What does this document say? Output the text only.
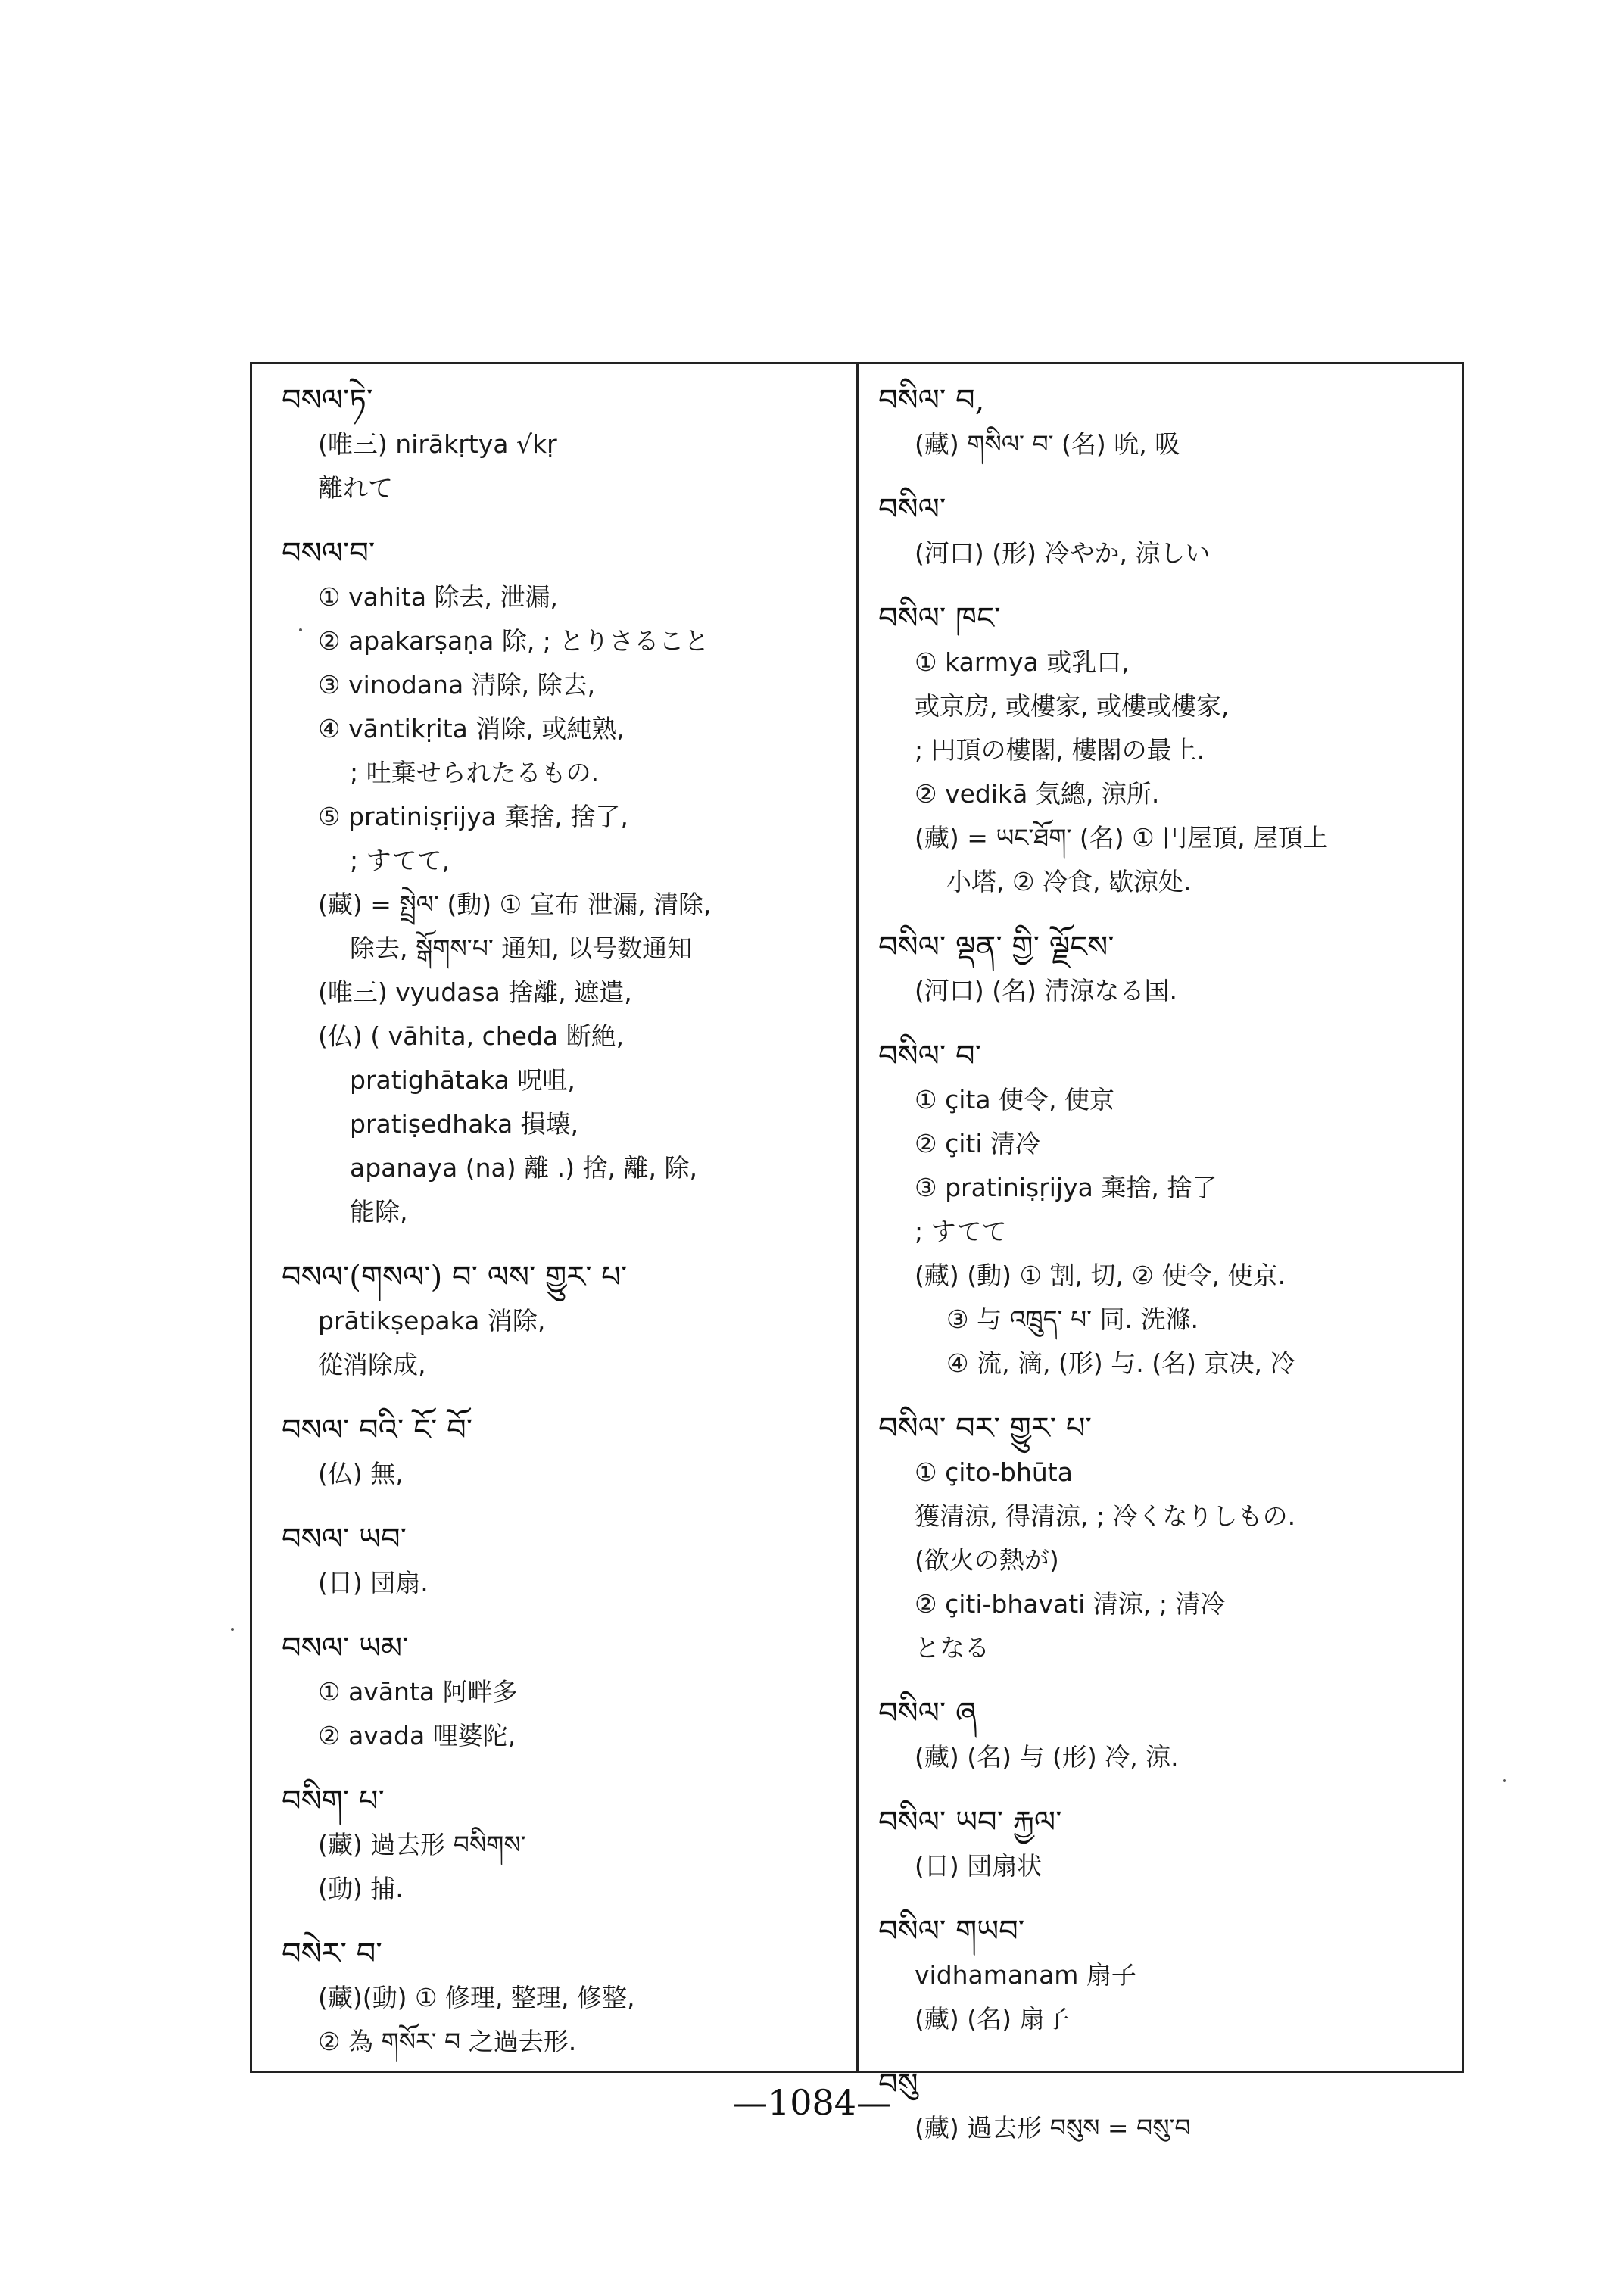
བསལ་ཏེ་
(唯三) nirākṛtya √kṛ
離れて
བསལ་བ་
① vahita 除去, 泄漏,
② apakarṣaṇa 除, ; とりさること
③ vinodana 清除, 除去,
④ vāntikṛita 消除, 或純熟,
; 吐棄せられたるもの.
⑤ pratiniṣṛijya 棄捨, 捨了,
; すてて,
(藏) = སྤྲེལ་ (動) ① 宣布 泄漏, 清除,
除去, སྒོགས་པ་ 通知, 以号数通知
(唯三) vyudasa 捨離, 遮遣,
(仏) ( vāhita, cheda 断絶,
pratighātaka 呪咀,
pratiṣedhaka 損壊,
apanaya (na) 離 .) 捨, 離, 除,
能除,
བསལ་(གསལ་) བ་ ལས་ གྱུར་ པ་
prātikṣepaka 消除,
從消除成,
བསལ་ བའི་ ངོ་ བོ་
(仏) 無,
བསལ་ ཡབ་
(日) 団扇.
བསལ་ ཡམ་
① avānta 阿畔多
② avada 哩婆陀,
བསིག་ པ་
(藏) 過去形 བསིགས་
(動) 捕.
བསེར་ བ་
(藏)(動) ① 修理, 整理, 修整,
② 為 གསོར་ བ 之過去形.
བསིལ་ བ,
(藏) གསིལ་ བ་ (名) 吮, 吸
བསིལ་
(河口) (形) 冷やか, 涼しい
བསིལ་ ཁང་
① karmya 或乳口,
或京房, 或樓家, 或樓或樓家,
; 円頂の樓閣, 樓閣の最上.
② vedikā 気總, 涼所.
(藏) = ཡང་ཐོག་ (名) ① 円屋頂, 屋頂上
小塔, ② 冷食, 歇涼处.
བསིལ་ ལྡན་ གྱི་ ལྗོངས་
(河口) (名) 清涼なる国.
བསིལ་ བ་
① çita 使令, 使京
② çiti 清冷
③ pratiniṣṛijya 棄捨, 捨了
; すてて
(藏) (動) ① 割, 切, ② 使令, 使京.
③ 与 འཁྲུད་ པ་ 同. 洗滌.
④ 流, 滴, (形) 与. (名) 京决, 冷
བསིལ་ བར་ གྱུར་ པ་
① çito-bhūta
獲清涼, 得清涼, ; 冷くなりしもの.
(欲火の熱が)
② çiti-bhavati 清涼, ; 清冷
となる
བསིལ་ ཞ
(藏) (名) 与 (形) 冷, 涼.
བསིལ་ ཡབ་ རྐྱལ་
(日) 団扇状
བསིལ་ གཡབ་
vidhamanam 扇子
(藏) (名) 扇子
བསུ
(藏) 過去形 བསུས = བསུ་བ
—1084—
